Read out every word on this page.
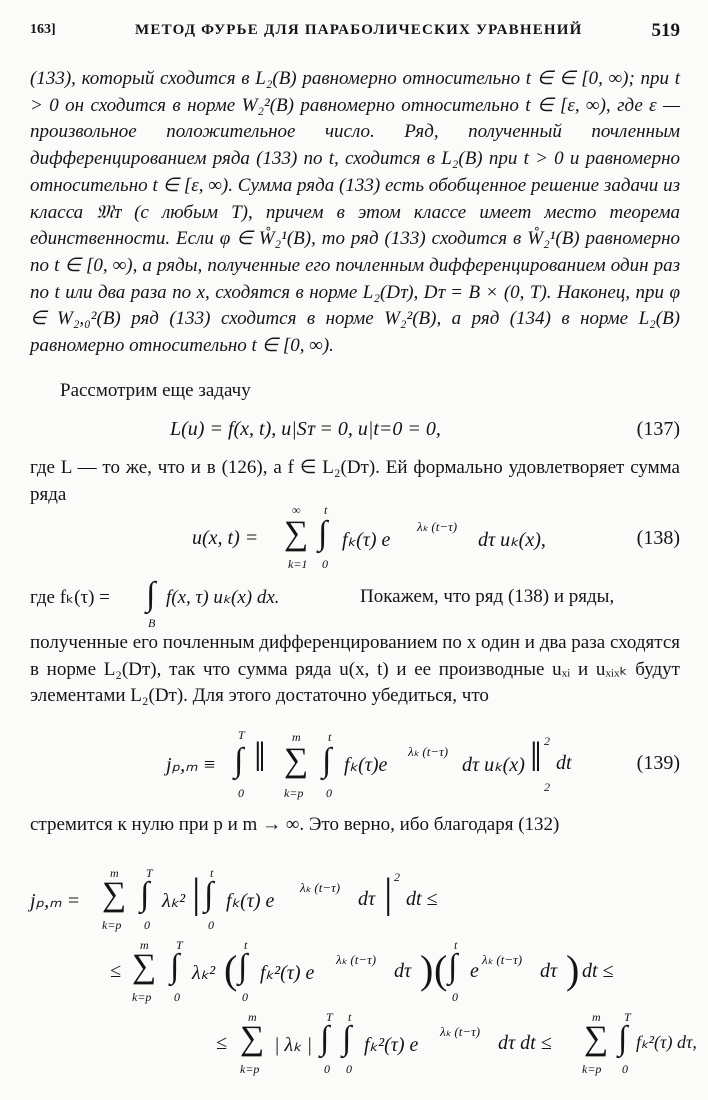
163]	МЕТОД ФУРЬЕ ДЛЯ ПАРАБОЛИЧЕСКИХ УРАВНЕНИЙ	519
(133), который сходится в L₂(B) равномерно относительно t ∈ ∈ [0, ∞); при t > 0 он сходится в норме W₂²(B) равномерно относительно t ∈ [ε, ∞), где ε — произвольное положительное число. Ряд, полученный почленным дифференцированием ряда (133) по t, сходится в L₂(B) при t > 0 и равномерно относительно t ∈ [ε, ∞). Сумма ряда (133) есть обобщенное решение задачи из класса 𝔐ᴛ (с любым T), причем в этом классе имеет место теорема единственности. Если φ ∈ W̊₂¹(B), то ряд (133) сходится в W̊₂¹(B) равномерно по t ∈ [0, ∞), а ряды, полученные его почленным дифференцированием один раз по t или два раза по x, сходятся в норме L₂(Dᴛ), Dᴛ = B × (0, T). Наконец, при φ ∈ W₂,₀²(B) ряд (133) сходится в норме W₂²(B), а ряд (134) в норме L₂(B) равномерно относительно t ∈ [0, ∞).
Рассмотрим еще задачу
L(u) = f(x, t), u|Sᴛ = 0, u|t=0 = 0,	(137)
где L — то же, что и в (126), а f ∈ L₂(Dᴛ). Ей формально удовлетворяет сумма ряда
u(x, t) =
∞
∑
k=1
t
∫
0
fₖ(τ) e
λₖ (t−τ)
dτ uₖ(x),	(138)
где fₖ(τ) = ∫
B
f(x, τ) uₖ(x) dx.	Покажем, что ряд (138) и ряды,
полученные его почленным дифференцированием по x один и два раза сходятся в норме L₂(Dᴛ), так что сумма ряда u(x, t) и ее производные uₓᵢ и uₓᵢₓₖ будут элементами L₂(Dᴛ). Для этого достаточно убедиться, что
jₚ,ₘ ≡
T
∫
0
‖ m
∑
k=p
t
∫
0
fₖ(τ)e
λₖ (t−τ)
dτ uₖ(x) ‖ 2
2
dt	(139)
стремится к нулю при p и m → ∞. Это верно, ибо благодаря (132)
jₚ,ₘ =
m
∑
k=p
T
∫
0
λₖ² | t
∫
0
fₖ(τ) e
λₖ (t−τ)
dτ | 2
dt ≤
≤
m
∑
k=p
T
∫
0
λₖ² (
t
∫
0
fₖ²(τ) e
λₖ (t−τ)
dτ ) (
t
∫
0
e
λₖ (t−τ)
dτ ) dt ≤
≤
m
∑
k=p
| λₖ |
T
∫
0
t
∫
0
fₖ²(τ) e
λₖ (t−τ)
dτ dt ≤
m
∑
k=p
T
∫
0
fₖ²(τ) dτ,
